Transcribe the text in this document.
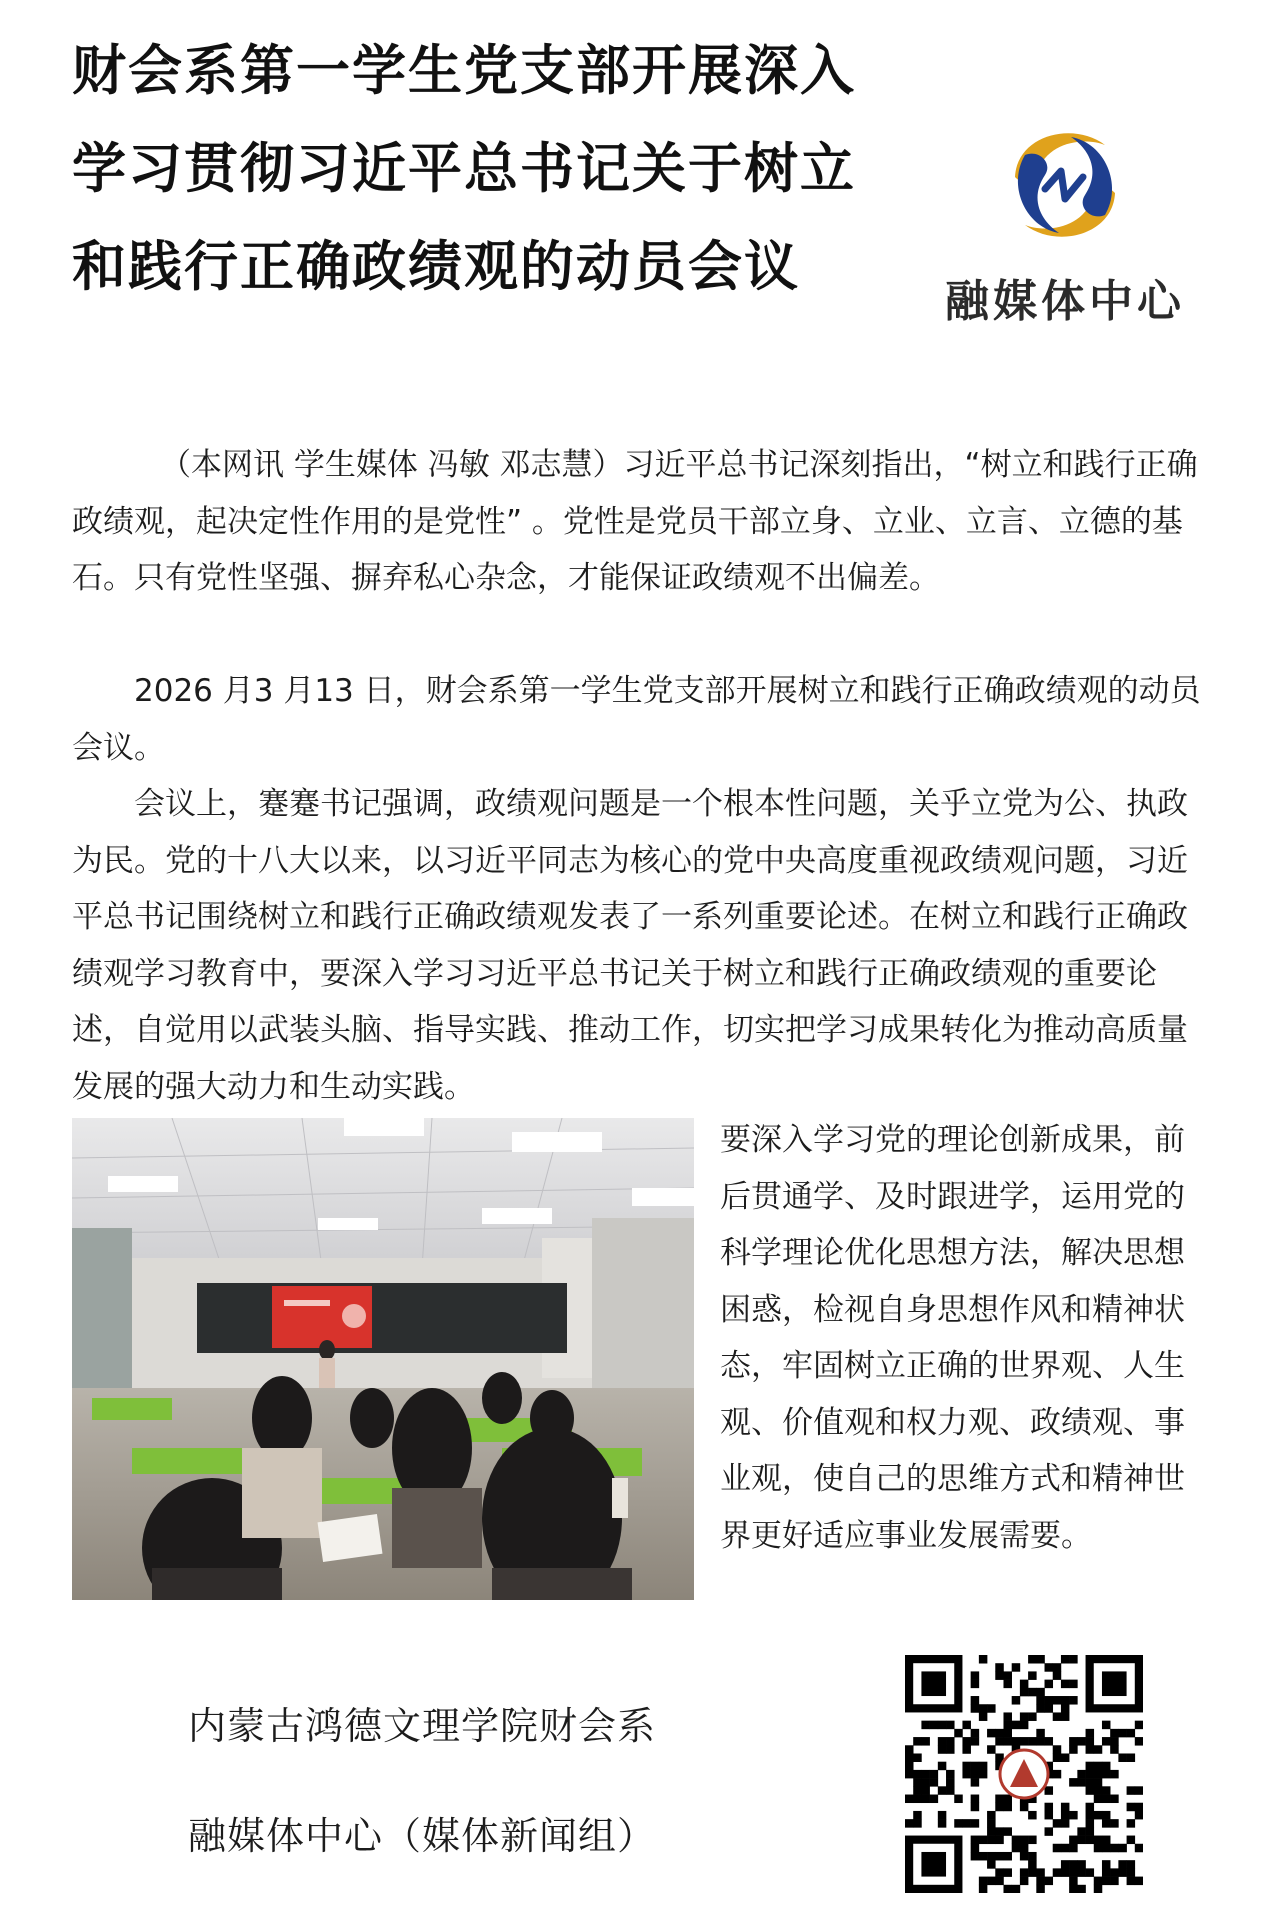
财会系第一学生党支部开展深入学习贯彻习近平总书记关于树立和践行正确政绩观的动员会议
融媒体中心

（本网讯 学生媒体 冯敏 邓志慧）习近平总书记深刻指出，“树立和践行正确政绩观，起决定性作用的是党性” 。党性是党员干部立身、立业、立言、立德的基石。只有党性坚强、摒弃私心杂念，才能保证政绩观不出偏差。

2026 月3 月13 日，财会系第一学生党支部开展树立和践行正确政绩观的动员会议。

会议上，蹇蹇书记强调，政绩观问题是一个根本性问题，关乎立党为公、执政为民。党的十八大以来，以习近平同志为核心的党中央高度重视政绩观问题，习近平总书记围绕树立和践行正确政绩观发表了一系列重要论述。在树立和践行正确政绩观学习教育中，要深入学习习近平总书记关于树立和践行正确政绩观的重要论述，自觉用以武装头脑、指导实践、推动工作，切实把学习成果转化为推动高质量发展的强大动力和生动实践。

要深入学习党的理论创新成果，前后贯通学、及时跟进学，运用党的科学理论优化思想方法，解决思想困惑，检视自身思想作风和精神状态，牢固树立正确的世界观、人生观、价值观和权力观、政绩观、事业观，使自己的思维方式和精神世界更好适应事业发展需要。

内蒙古鸿德文理学院财会系
融媒体中心（媒体新闻组）
